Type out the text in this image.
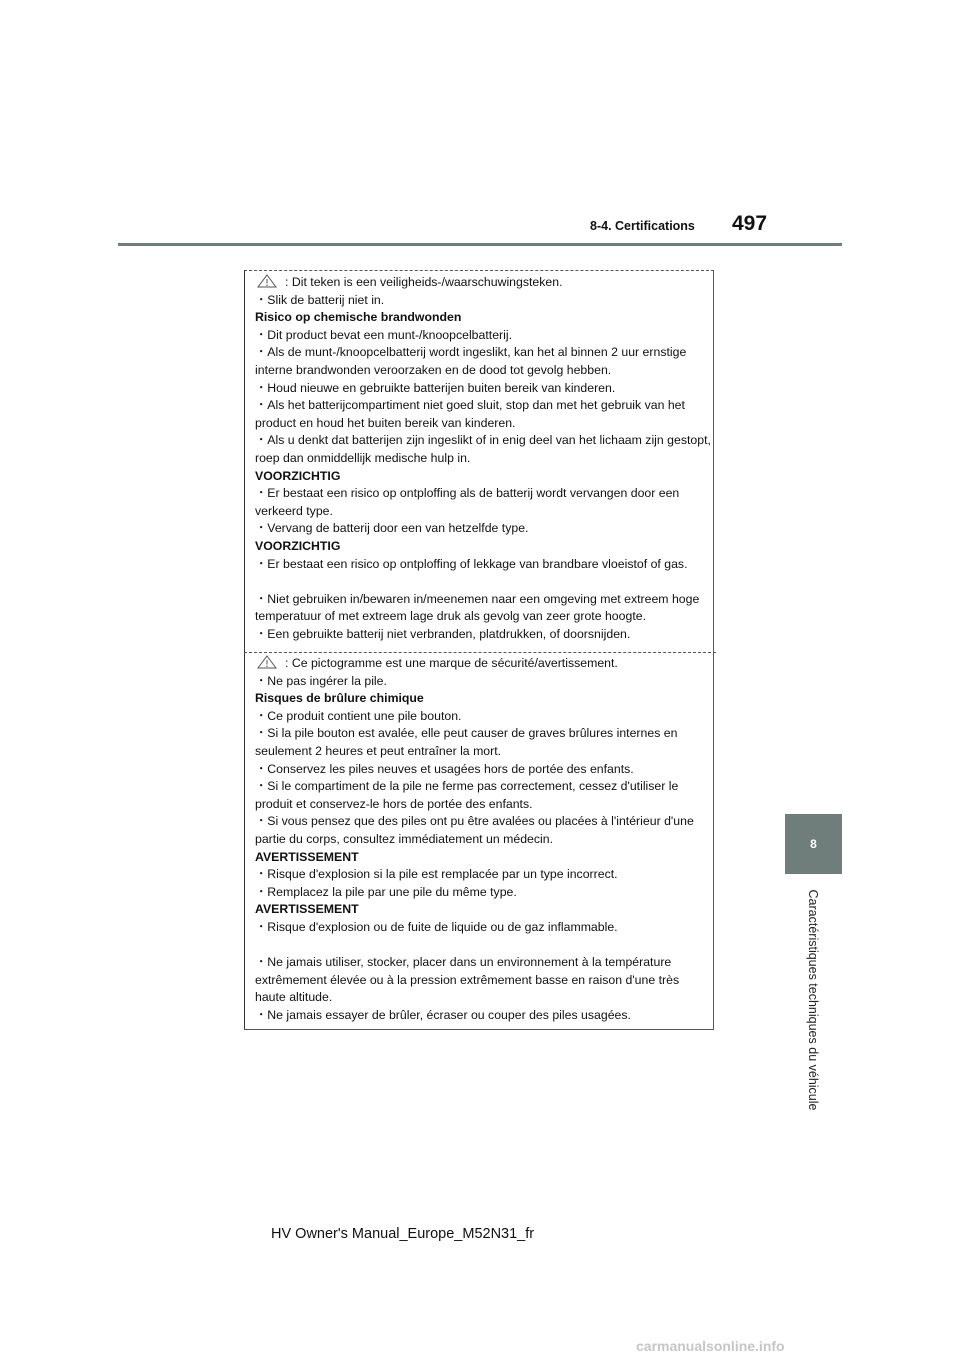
8-4. Certifications 497
8
Caractéristiques techniques du véhicule
: Dit teken is een veiligheids-/waarschuwingsteken.
・Slik de batterij niet in.
Risico op chemische brandwonden
・Dit product bevat een munt-/knoopcelbatterij.
・Als de munt-/knoopcelbatterij wordt ingeslikt, kan het al binnen 2 uur ernstige interne brandwonden veroorzaken en de dood tot gevolg hebben.
・Houd nieuwe en gebruikte batterijen buiten bereik van kinderen.
・Als het batterijcompartiment niet goed sluit, stop dan met het gebruik van het product en houd het buiten bereik van kinderen.
・Als u denkt dat batterijen zijn ingeslikt of in enig deel van het lichaam zijn gestopt, roep dan onmiddellijk medische hulp in.
VOORZICHTIG
・Er bestaat een risico op ontploffing als de batterij wordt vervangen door een verkeerd type.
・Vervang de batterij door een van hetzelfde type.
VOORZICHTIG
・Er bestaat een risico op ontploffing of lekkage van brandbare vloeistof of gas.
・Niet gebruiken in/bewaren in/meenemen naar een omgeving met extreem hoge temperatuur of met extreem lage druk als gevolg van zeer grote hoogte.
・Een gebruikte batterij niet verbranden, platdrukken, of doorsnijden.
: Ce pictogramme est une marque de sécurité/avertissement.
・Ne pas ingérer la pile.
Risques de brûlure chimique
・Ce produit contient une pile bouton.
・Si la pile bouton est avalée, elle peut causer de graves brûlures internes en seulement 2 heures et peut entraîner la mort.
・Conservez les piles neuves et usagées hors de portée des enfants.
・Si le compartiment de la pile ne ferme pas correctement, cessez d'utiliser le produit et conservez-le hors de portée des enfants.
・Si vous pensez que des piles ont pu être avalées ou placées à l'intérieur d'une partie du corps, consultez immédiatement un médecin.
AVERTISSEMENT
・Risque d'explosion si la pile est remplacée par un type incorrect.
・Remplacez la pile par une pile du même type.
AVERTISSEMENT
・Risque d'explosion ou de fuite de liquide ou de gaz inflammable.
・Ne jamais utiliser, stocker, placer dans un environnement à la température extrêmement élevée ou à la pression extrêmement basse en raison d'une très haute altitude.
・Ne jamais essayer de brûler, écraser ou couper des piles usagées.
HV Owner's Manual_Europe_M52N31_fr
carmanualsonline.info
